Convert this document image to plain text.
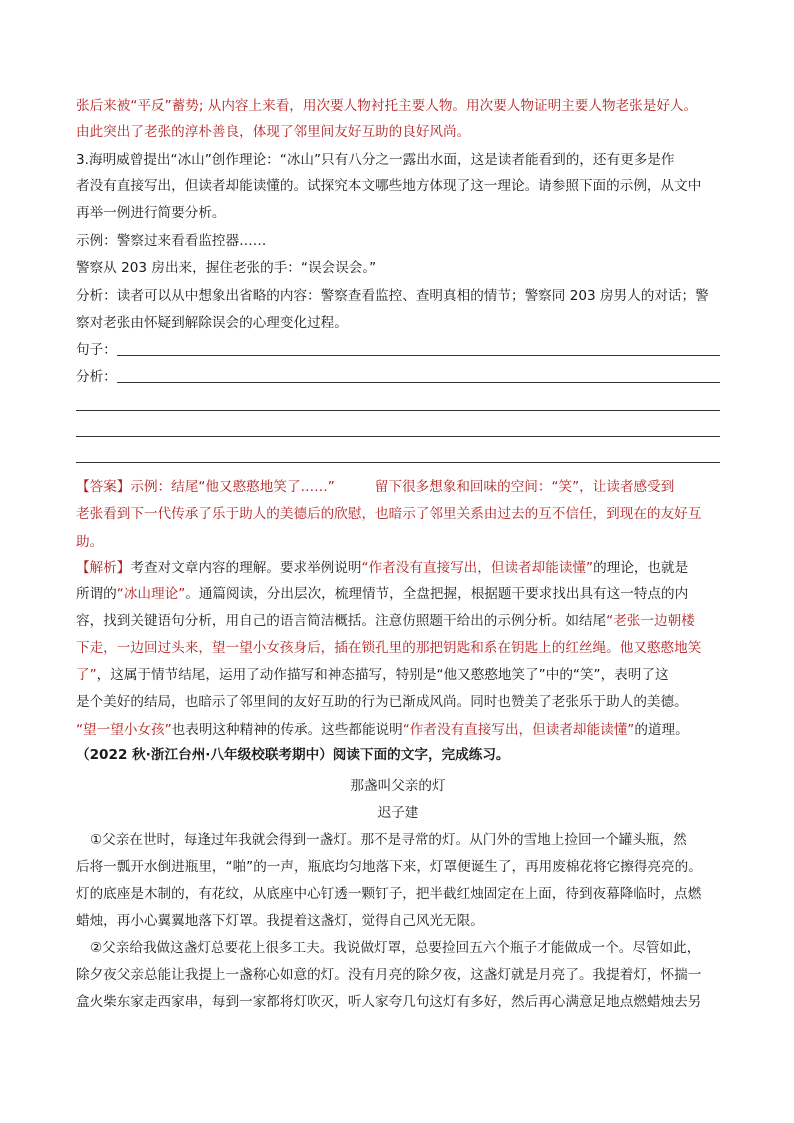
张后来被“平反”蓄势; 从内容上来看，用次要人物衬托主要人物。用次要人物证明主要人物老张是好人。
由此突出了老张的淳朴善良，体现了邻里间友好互助的良好风尚。
3.海明威曾提出“冰山”创作理论：“冰山”只有八分之一露出水面，这是读者能看到的，还有更多是作
者没有直接写出，但读者却能读懂的。试探究本文哪些地方体现了这一理论。请参照下面的示例，从文中
再举一例进行简要分析。
示例：警察过来看看监控器……
警察从 203 房出来，握住老张的手：“误会误会。”
分析：读者可以从中想象出省略的内容：警察查看监控、查明真相的情节；警察同 203 房男人的对话；警
察对老张由怀疑到解除误会的心理变化过程。
句子：
分析：
【答案】示例：结尾“他又憨憨地笑了……”	留下很多想象和回味的空间：“笑”，让读者感受到
老张看到下一代传承了乐于助人的美德后的欣慰，也暗示了邻里关系由过去的互不信任，到现在的友好互
助。
【解析】考查对文章内容的理解。要求举例说明“作者没有直接写出，但读者却能读懂”的理论，也就是
所谓的“冰山理论”。通篇阅读，分出层次，梳理情节，全盘把握，根据题干要求找出具有这一特点的内
容，找到关键语句分析，用自己的语言简洁概括。注意仿照题干给出的示例分析。如结尾“老张一边朝楼
下走，一边回过头来，望一望小女孩身后，插在锁孔里的那把钥匙和系在钥匙上的红丝绳。他又憨憨地笑
了”，这属于情节结尾，运用了动作描写和神态描写，特别是“他又憨憨地笑了”中的“笑”，表明了这
是个美好的结局，也暗示了邻里间的友好互助的行为已渐成风尚。同时也赞美了老张乐于助人的美德。
“望一望小女孩”也表明这种精神的传承。这些都能说明“作者没有直接写出，但读者却能读懂”的道理。
（2022 秋·浙江台州·八年级校联考期中）阅读下面的文字，完成练习。
那盏叫父亲的灯
迟子建
①父亲在世时，每逢过年我就会得到一盏灯。那不是寻常的灯。从门外的雪地上捡回一个罐头瓶，然
后将一瓢开水倒进瓶里，“啪”的一声，瓶底均匀地落下来，灯罩便诞生了，再用废棉花将它擦得亮亮的。
灯的底座是木制的，有花纹，从底座中心钉透一颗钉子，把半截红烛固定在上面，待到夜幕降临时，点燃
蜡烛，再小心翼翼地落下灯罩。我提着这盏灯，觉得自己风光无限。
②父亲给我做这盏灯总要花上很多工夫。我说做灯罩，总要捡回五六个瓶子才能做成一个。尽管如此，
除夕夜父亲总能让我提上一盏称心如意的灯。没有月亮的除夕夜，这盏灯就是月亮了。我提着灯，怀揣一
盒火柴东家走西家串，每到一家都将灯吹灭，听人家夸几句这灯有多好，然后再心满意足地点燃蜡烛去另
